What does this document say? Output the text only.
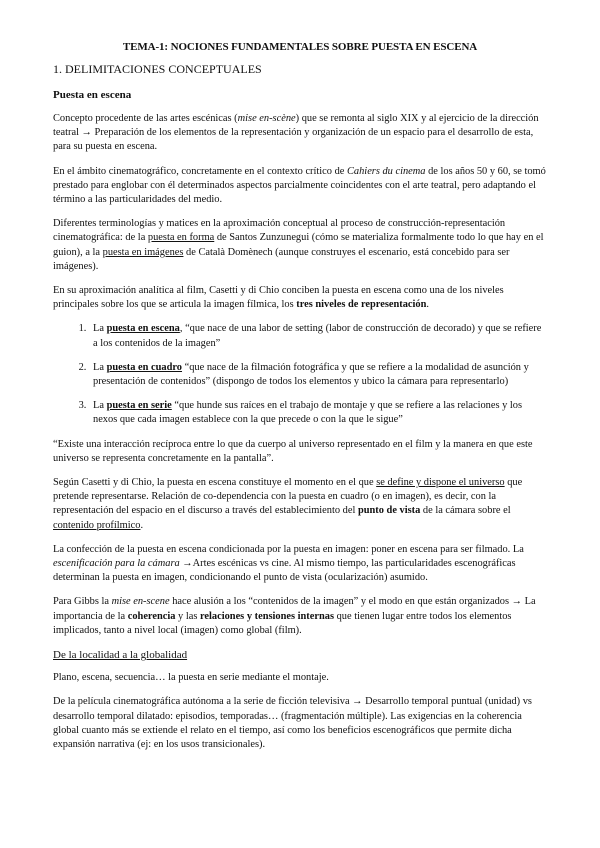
TEMA-1: NOCIONES FUNDAMENTALES SOBRE PUESTA EN ESCENA
1. DELIMITACIONES CONCEPTUALES
Puesta en escena

Concepto procedente de las artes escénicas (mise en-scène) que se remonta al siglo XIX y al ejercicio de la dirección teatral → Preparación de los elementos de la representación y organización de un espacio para el desarrollo de esta, para su puesta en escena.

En el ámbito cinematográfico, concretamente en el contexto crítico de Cahiers du cinema de los años 50 y 60, se tomó prestado para englobar con él determinados aspectos parcialmente coincidentes con el arte teatral, pero adaptando el término a las particularidades del medio.

Diferentes terminologías y matices en la aproximación conceptual al proceso de construcción-representación cinematográfica: de la puesta en forma de Santos Zunzunegui (cómo se materializa formalmente todo lo que hay en el guion), a la puesta en imágenes de Català Domènech (aunque construyes el escenario, está concebido para ser imágenes).

En su aproximación analítica al film, Casetti y di Chio conciben la puesta en escena como una de los niveles principales sobre los que se articula la imagen fílmica, los tres niveles de representación.

1. La puesta en escena, “que nace de una labor de setting (labor de construcción de decorado) y que se refiere a los contenidos de la imagen”
2. La puesta en cuadro “que nace de la filmación fotográfica y que se refiere a la modalidad de asunción y presentación de contenidos” (dispongo de todos los elementos y ubico la cámara para representarlo)
3. La puesta en serie “que hunde sus raíces en el trabajo de montaje y que se refiere a las relaciones y los nexos que cada imagen establece con la que precede o con la que le sigue”

“Existe una interacción recíproca entre lo que da cuerpo al universo representado en el film y la manera en que este universo se representa concretamente en la pantalla”.

Según Casetti y di Chio, la puesta en escena constituye el momento en el que se define y dispone el universo que pretende representarse. Relación de co-dependencia con la puesta en cuadro (o en imagen), es decir, con la representación del espacio en el discurso a través del establecimiento del punto de vista de la cámara sobre el contenido profílmico.

La confección de la puesta en escena condicionada por la puesta en imagen: poner en escena para ser filmado. La escenificación para la cámara →Artes escénicas vs cine. Al mismo tiempo, las particularidades escenográficas determinan la puesta en imagen, condicionando el punto de vista (ocularización) asumido.

Para Gibbs la mise en-scene hace alusión a los “contenidos de la imagen” y el modo en que están organizados → La importancia de la coherencia y las relaciones y tensiones internas que tienen lugar entre todos los elementos implicados, tanto a nivel local (imagen) como global (film).

De la localidad a la globalidad

Plano, escena, secuencia… la puesta en serie mediante el montaje.

De la película cinematográfica autónoma a la serie de ficción televisiva → Desarrollo temporal puntual (unidad) vs desarrollo temporal dilatado: episodios, temporadas… (fragmentación múltiple). Las exigencias en la coherencia global cuanto más se extiende el relato en el tiempo, así como los beneficios escenográficos que permite dicha expansión narrativa (ej: en los usos transicionales).
